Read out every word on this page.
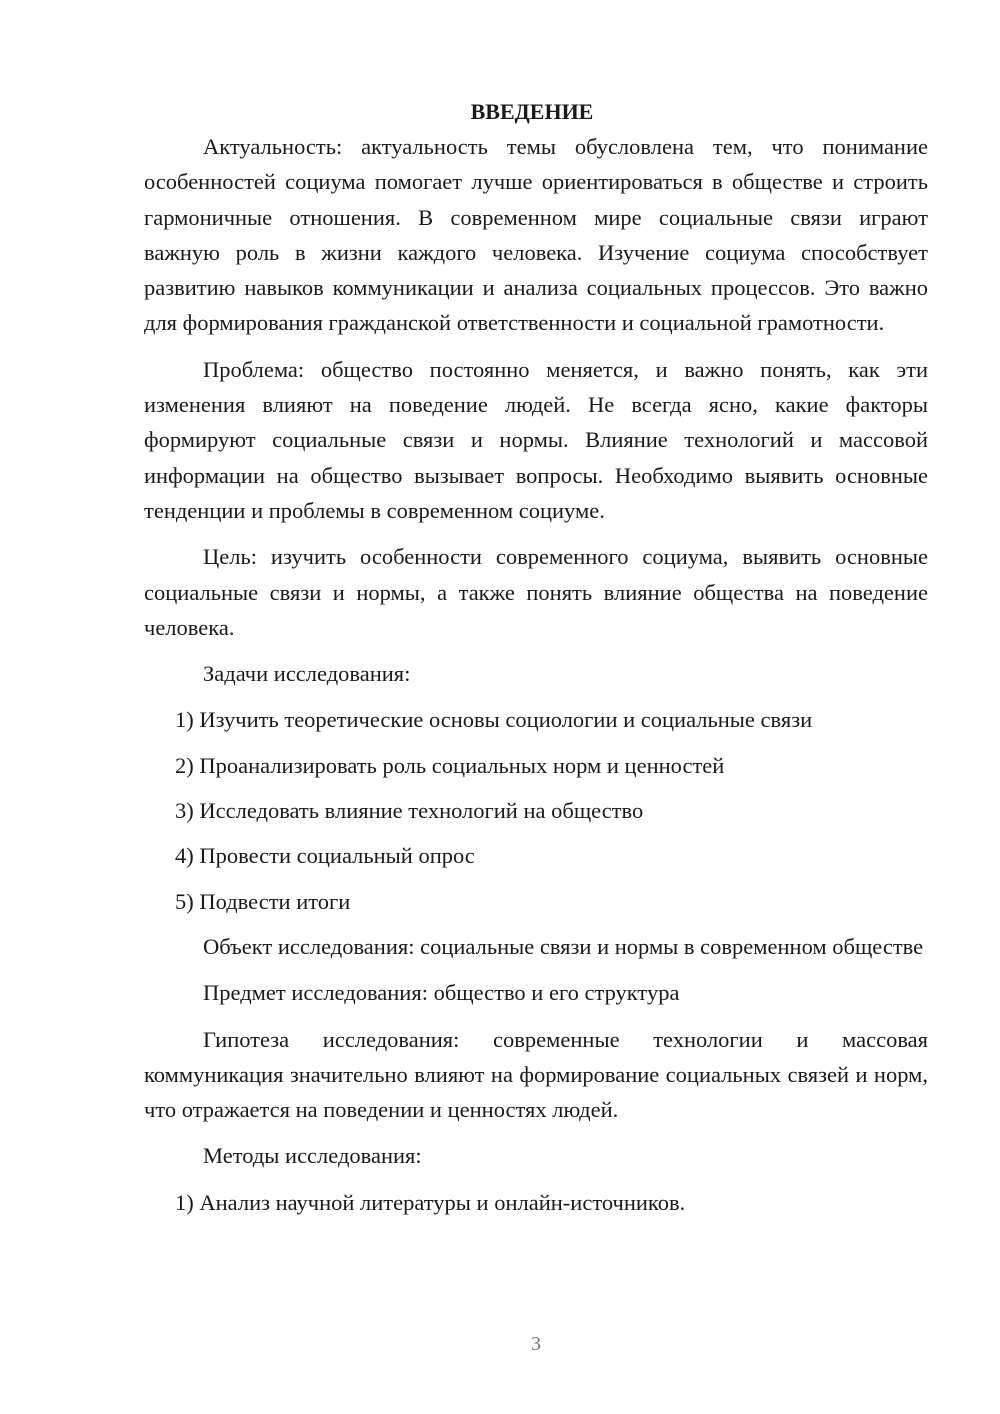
ВВЕДЕНИЕ

Актуальность: актуальность темы обусловлена тем, что понимание особенностей социума помогает лучше ориентироваться в обществе и строить гармоничные отношения. В современном мире социальные связи играют важную роль в жизни каждого человека. Изучение социума способствует развитию навыков коммуникации и анализа социальных процессов. Это важно для формирования гражданской ответственности и социальной грамотности.

Проблема: общество постоянно меняется, и важно понять, как эти изменения влияют на поведение людей. Не всегда ясно, какие факторы формируют социальные связи и нормы. Влияние технологий и массовой информации на общество вызывает вопросы. Необходимо выявить основные тенденции и проблемы в современном социуме.

Цель: изучить особенности современного социума, выявить основные социальные связи и нормы, а также понять влияние общества на поведение человека.

Задачи исследования:

1) Изучить теоретические основы социологии и социальные связи
2) Проанализировать роль социальных норм и ценностей
3) Исследовать влияние технологий на общество
4) Провести социальный опрос
5) Подвести итоги

Объект исследования: социальные связи и нормы в современном обществе

Предмет исследования: общество и его структура

Гипотеза исследования: современные технологии и массовая коммуникация значительно влияют на формирование социальных связей и норм, что отражается на поведении и ценностях людей.

Методы исследования:

1) Анализ научной литературы и онлайн-источников.
3
